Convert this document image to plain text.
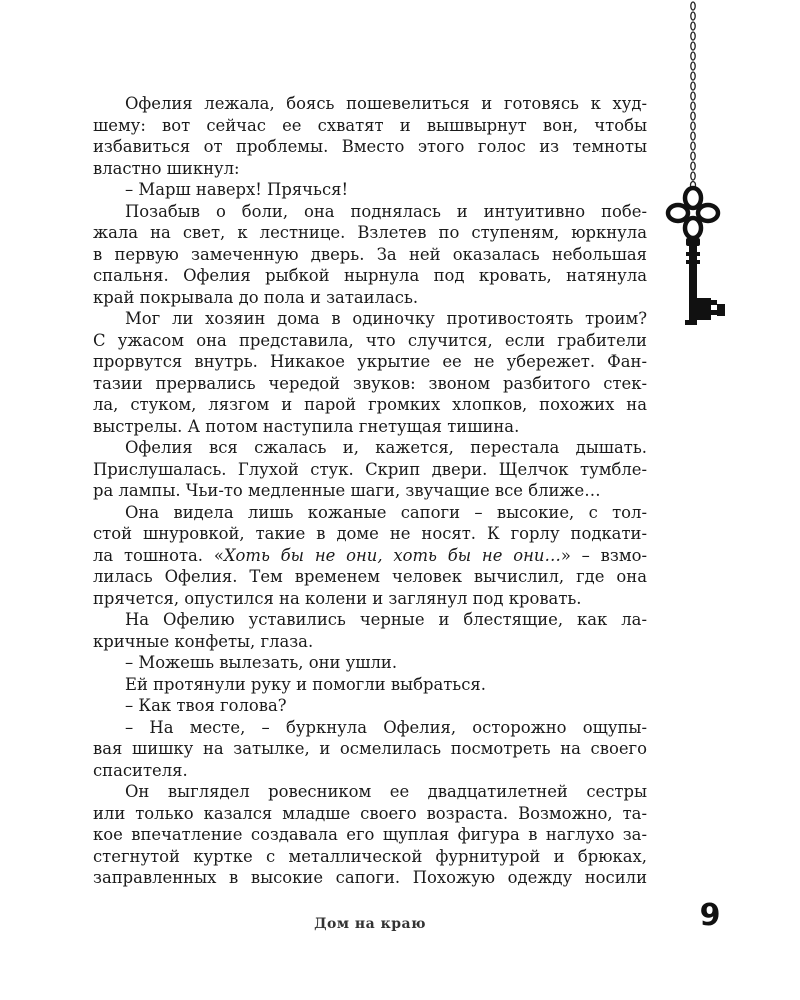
Офелия лежала, боясь пошевелиться и готовясь к худ-
шему: вот сейчас ее схватят и вышвырнут вон, чтобы
избавиться от проблемы. Вместо этого голос из темноты
властно шикнул:
– Марш наверх! Прячься!
Позабыв о боли, она поднялась и интуитивно побе-
жала на свет, к лестнице. Взлетев по ступеням, юркнула
в первую замеченную дверь. За ней оказалась небольшая
спальня. Офелия рыбкой нырнула под кровать, натянула
край покрывала до пола и затаилась.
Мог ли хозяин дома в одиночку противостоять троим?
С ужасом она представила, что случится, если грабители
прорвутся внутрь. Никакое укрытие ее не убережет. Фан-
тазии прервались чередой звуков: звоном разбитого стек-
ла, стуком, лязгом и парой громких хлопков, похожих на
выстрелы. А потом наступила гнетущая тишина.
Офелия вся сжалась и, кажется, перестала дышать.
Прислушалась. Глухой стук. Скрип двери. Щелчок тумбле-
ра лампы. Чьи-то медленные шаги, звучащие все ближе…
Она видела лишь кожаные сапоги – высокие, с тол-
стой шнуровкой, такие в доме не носят. К горлу подкати-
ла тошнота. «Хоть бы не они, хоть бы не они…» – взмо-
лилась Офелия. Тем временем человек вычислил, где она
прячется, опустился на колени и заглянул под кровать.
На Офелию уставились черные и блестящие, как ла-
кричные конфеты, глаза.
– Можешь вылезать, они ушли.
Ей протянули руку и помогли выбраться.
– Как твоя голова?
– На месте, – буркнула Офелия, осторожно ощупы-
вая шишку на затылке, и осмелилась посмотреть на своего
спасителя.
Он выглядел ровесником ее двадцатилетней сестры
или только казался младше своего возраста. Возможно, та-
кое впечатление создавала его щуплая фигура в наглухо за-
стегнутой куртке с металлической фурнитурой и брюках,
заправленных в высокие сапоги. Похожую одежду носили
Дом на краю	9
